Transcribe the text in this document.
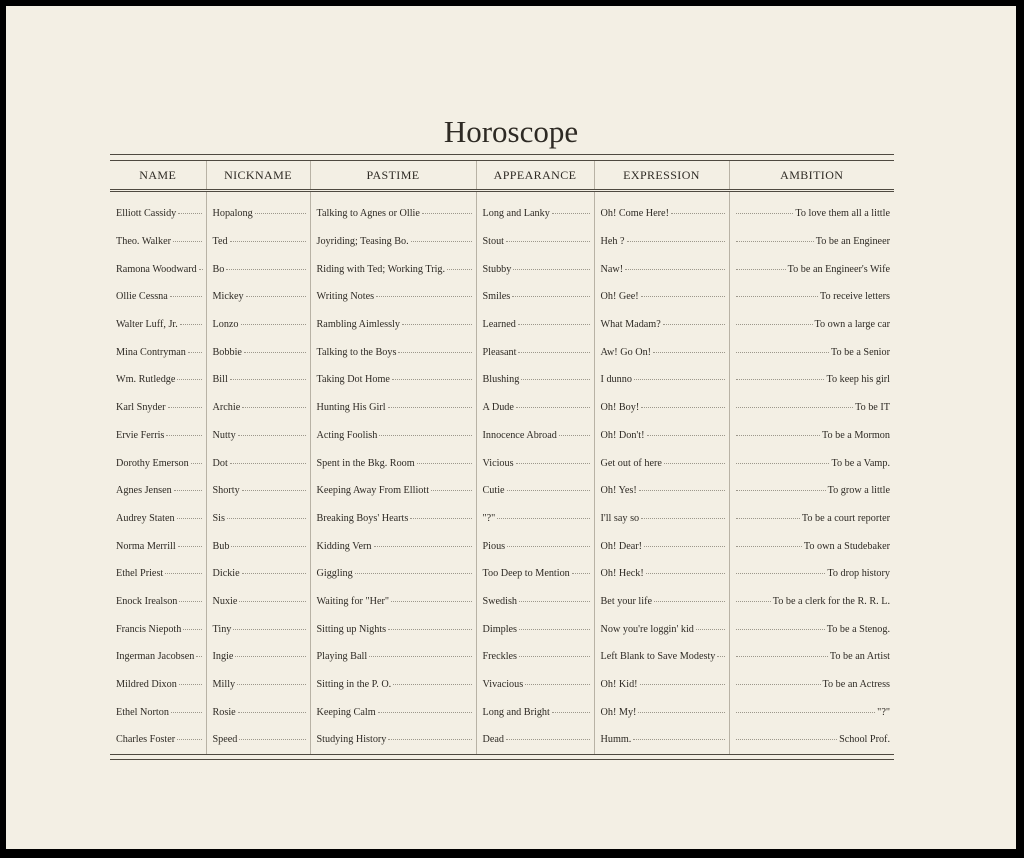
Horoscope
NAME	NICKNAME	PASTIME	APPEARANCE	EXPRESSION	AMBITION

Elliott Cassidy	Hopalong	Talking to Agnes or Ollie	Long and Lanky	Oh! Come Here!	To love them all a little

Theo. Walker	Ted	Joyriding; Teasing Bo.	Stout	Heh ?	To be an Engineer

Ramona Woodward	Bo	Riding with Ted; Working Trig.	Stubby	Naw!	To be an Engineer's Wife

Ollie Cessna	Mickey	Writing Notes	Smiles	Oh! Gee!	To receive letters

Walter Luff, Jr.	Lonzo	Rambling Aimlessly	Learned	What Madam?	To own a large car

Mina Contryman	Bobbie	Talking to the Boys	Pleasant	Aw! Go On!	To be a Senior

Wm. Rutledge	Bill	Taking Dot Home	Blushing	I dunno	To keep his girl

Karl Snyder	Archie	Hunting His Girl	A Dude	Oh! Boy!	To be IT

Ervie Ferris	Nutty	Acting Foolish	Innocence Abroad	Oh! Don't!	To be a Mormon

Dorothy Emerson	Dot	Spent in the Bkg. Room	Vicious	Get out of here	To be a Vamp.

Agnes Jensen	Shorty	Keeping Away From Elliott	Cutie	Oh! Yes!	To grow a little

Audrey Staten	Sis	Breaking Boys' Hearts	"?"	I'll say so	To be a court reporter

Norma Merrill	Bub	Kidding Vern	Pious	Oh! Dear!	To own a Studebaker

Ethel Priest	Dickie	Giggling	Too Deep to Mention	Oh! Heck!	To drop history

Enock Irealson	Nuxie	Waiting for "Her"	Swedish	Bet your life	To be a clerk for the R. R. L.

Francis Niepoth	Tiny	Sitting up Nights	Dimples	Now you're loggin' kid	To be a Stenog.

Ingerman Jacobsen	Ingie	Playing Ball	Freckles	Left Blank to Save Modesty	To be an Artist

Mildred Dixon	Milly	Sitting in the P. O.	Vivacious	Oh! Kid!	To be an Actress

Ethel Norton	Rosie	Keeping Calm	Long and Bright	Oh! My!	"?"

Charles Foster	Speed	Studying History	Dead	Humm.	School Prof.
